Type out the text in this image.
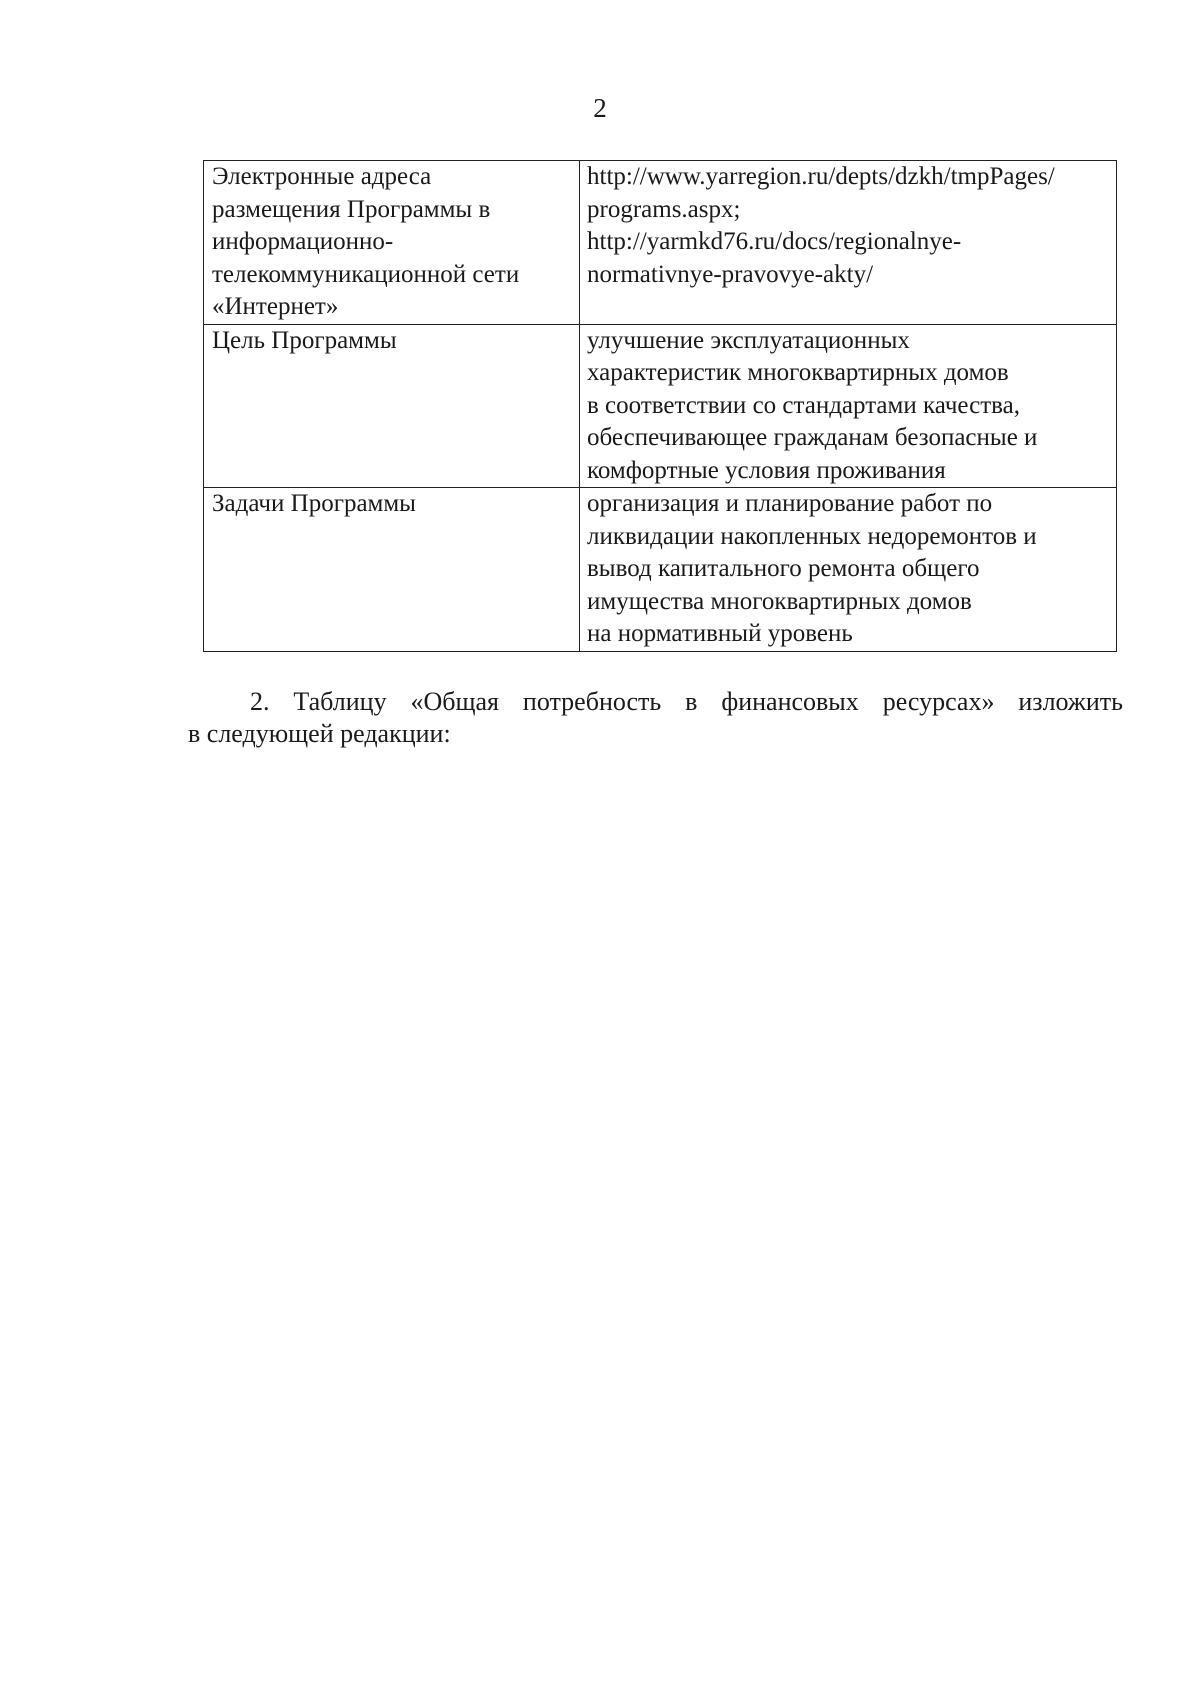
2
Электронные адреса
размещения Программы в
информационно-
телекоммуникационной сети
«Интернет»	http://www.yarregion.ru/depts/dzkh/tmpPages/
programs.aspx;
http://yarmkd76.ru/docs/regionalnye-
normativnye-pravovye-akty/
Цель Программы	улучшение эксплуатационных
характеристик многоквартирных домов
в соответствии со стандартами качества,
обеспечивающее гражданам безопасные и
комфортные условия проживания
Задачи Программы	организация и планирование работ по
ликвидации накопленных недоремонтов и
вывод капитального ремонта общего
имущества многоквартирных домов
на нормативный уровень
2. Таблицу «Общая потребность в финансовых ресурсах» изложить
в следующей редакции:
